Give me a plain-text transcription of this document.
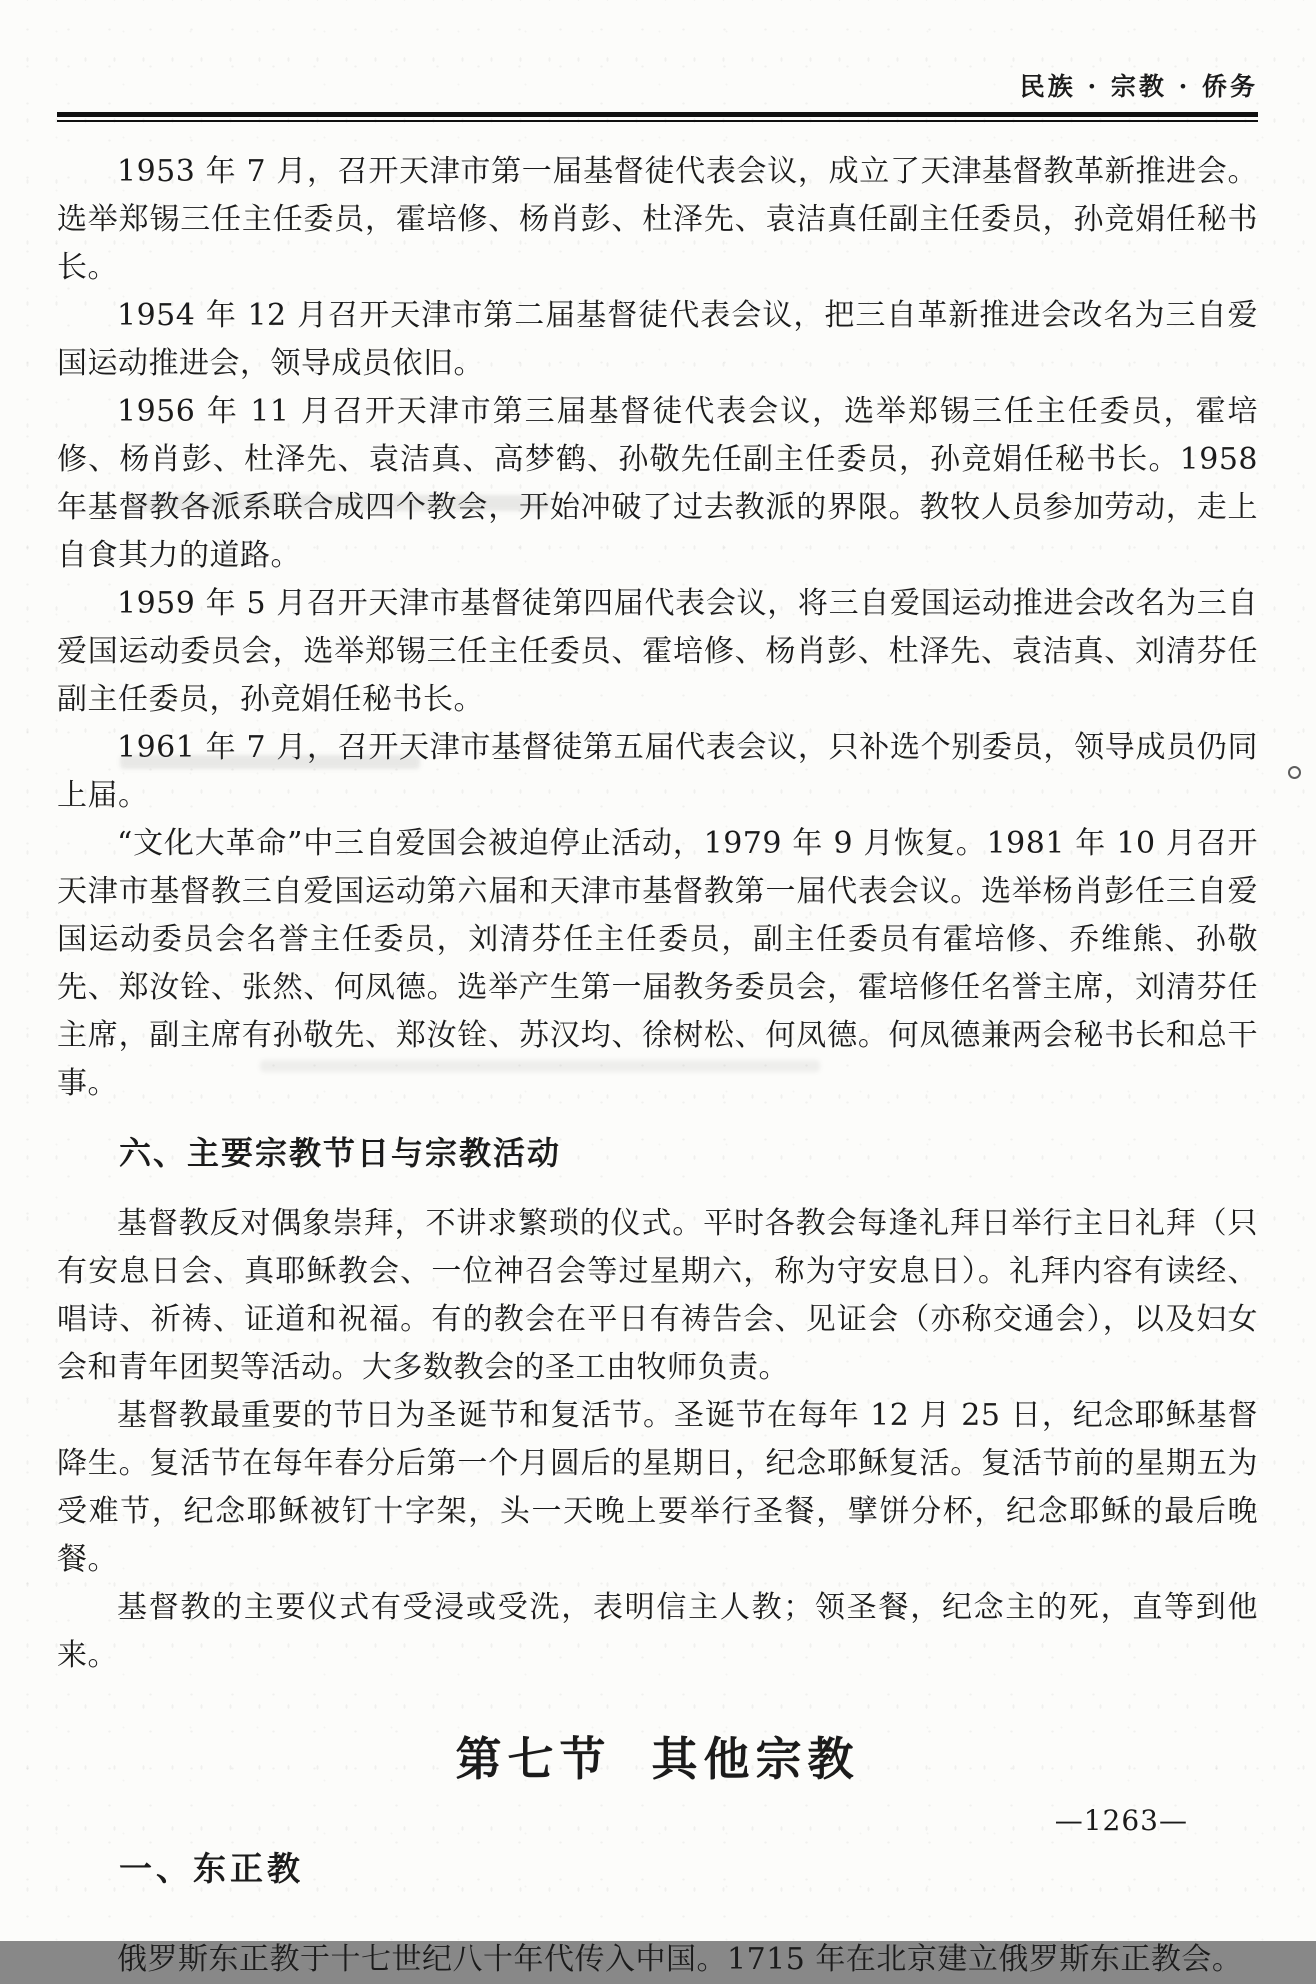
民族 · 宗教 · 侨务

1953 年 7 月，召开天津市第一届基督徒代表会议，成立了天津基督教革新推进会。选举郑锡三任主任委员，霍培修、杨肖彭、杜泽先、袁洁真任副主任委员，孙竞娟任秘书长。

1954 年 12 月召开天津市第二届基督徒代表会议，把三自革新推进会改名为三自爱国运动推进会，领导成员依旧。

1956 年 11 月召开天津市第三届基督徒代表会议，选举郑锡三任主任委员，霍培修、杨肖彭、杜泽先、袁洁真、高梦鹤、孙敬先任副主任委员，孙竞娟任秘书长。1958 年基督教各派系联合成四个教会，开始冲破了过去教派的界限。教牧人员参加劳动，走上自食其力的道路。

1959 年 5 月召开天津市基督徒第四届代表会议，将三自爱国运动推进会改名为三自爱国运动委员会，选举郑锡三任主任委员、霍培修、杨肖彭、杜泽先、袁洁真、刘清芬任副主任委员，孙竞娟任秘书长。

1961 年 7 月，召开天津市基督徒第五届代表会议，只补选个别委员，领导成员仍同上届。

“文化大革命”中三自爱国会被迫停止活动，1979 年 9 月恢复。1981 年 10 月召开天津市基督教三自爱国运动第六届和天津市基督教第一届代表会议。选举杨肖彭任三自爱国运动委员会名誉主任委员，刘清芬任主任委员，副主任委员有霍培修、乔维熊、孙敬先、郑汝铨、张然、何凤德。选举产生第一届教务委员会，霍培修任名誉主席，刘清芬任主席，副主席有孙敬先、郑汝铨、苏汉均、徐树松、何凤德。何凤德兼两会秘书长和总干事。

六、主要宗教节日与宗教活动

基督教反对偶象崇拜，不讲求繁琐的仪式。平时各教会每逢礼拜日举行主日礼拜（只有安息日会、真耶稣教会、一位神召会等过星期六，称为守安息日）。礼拜内容有读经、唱诗、祈祷、证道和祝福。有的教会在平日有祷告会、见证会（亦称交通会），以及妇女会和青年团契等活动。大多数教会的圣工由牧师负责。

基督教最重要的节日为圣诞节和复活节。圣诞节在每年 12 月 25 日，纪念耶稣基督降生。复活节在每年春分后第一个月圆后的星期日，纪念耶稣复活。复活节前的星期五为受难节，纪念耶稣被钉十字架，头一天晚上要举行圣餐，擘饼分杯，纪念耶稣的最后晚餐。

基督教的主要仪式有受浸或受洗，表明信主人教；领圣餐，纪念主的死，直等到他来。

第七节 其他宗教
一、东正教

俄罗斯东正教于十七世纪八十年代传入中国。1715 年在北京建立俄罗斯东正教会。

—1263—
